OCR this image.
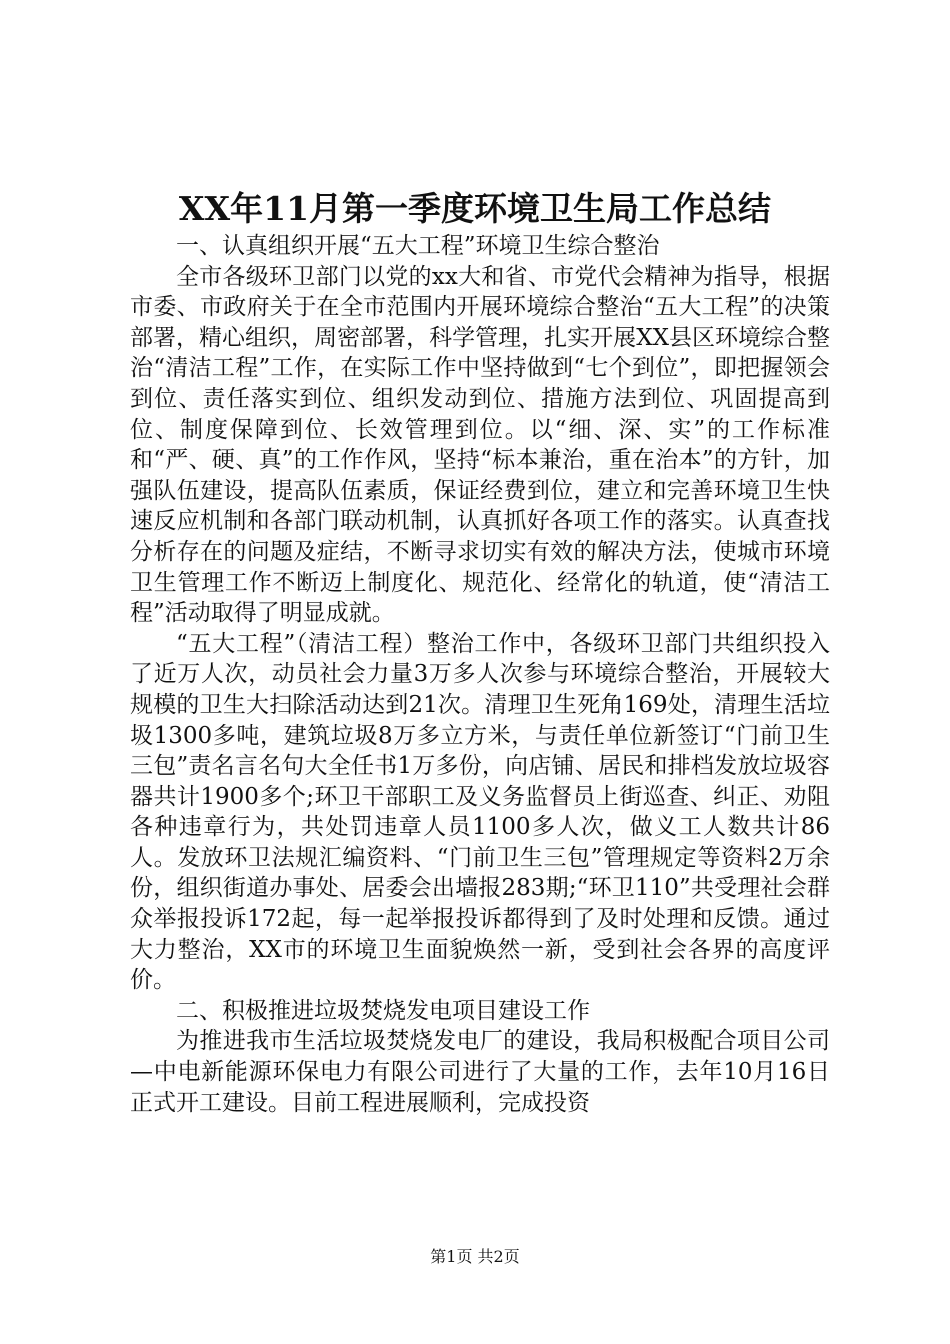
XX年11月第一季度环境卫生局工作总结

一、认真组织开展“五大工程”环境卫生综合整治

全市各级环卫部门以党的xx大和省、市党代会精神为指导，根据市委、市政府关于在全市范围内开展环境综合整治“五大工程”的决策部署，精心组织，周密部署，科学管理，扎实开展XX县区环境综合整治“清洁工程”工作，在实际工作中坚持做到“七个到位”，即把握领会到位、责任落实到位、组织发动到位、措施方法到位、巩固提高到位、制度保障到位、长效管理到位。以“细、深、实”的工作标准和“严、硬、真”的工作作风，坚持“标本兼治，重在治本”的方针，加强队伍建设，提高队伍素质，保证经费到位，建立和完善环境卫生快速反应机制和各部门联动机制，认真抓好各项工作的落实。认真查找分析存在的问题及症结，不断寻求切实有效的解决方法，使城市环境卫生管理工作不断迈上制度化、规范化、经常化的轨道，使“清洁工程”活动取得了明显成就。

“五大工程”（清洁工程）整治工作中，各级环卫部门共组织投入了近万人次，动员社会力量3万多人次参与环境综合整治，开展较大规模的卫生大扫除活动达到21次。清理卫生死角169处，清理生活垃圾1300多吨，建筑垃圾8万多立方米，与责任单位新签订“门前卫生三包”责名言名句大全任书1万多份，向店铺、居民和排档发放垃圾容器共计1900多个;环卫干部职工及义务监督员上街巡查、纠正、劝阻各种违章行为，共处罚违章人员1100多人次，做义工人数共计86人。发放环卫法规汇编资料、“门前卫生三包”管理规定等资料2万余份，组织街道办事处、居委会出墙报283期;“环卫110”共受理社会群众举报投诉172起，每一起举报投诉都得到了及时处理和反馈。通过大力整治，XX市的环境卫生面貌焕然一新，受到社会各界的高度评价。

二、积极推进垃圾焚烧发电项目建设工作

为推进我市生活垃圾焚烧发电厂的建设，我局积极配合项目公司—中电新能源环保电力有限公司进行了大量的工作，去年10月16日正式开工建设。目前工程进展顺利，完成投资

第1页 共2页
